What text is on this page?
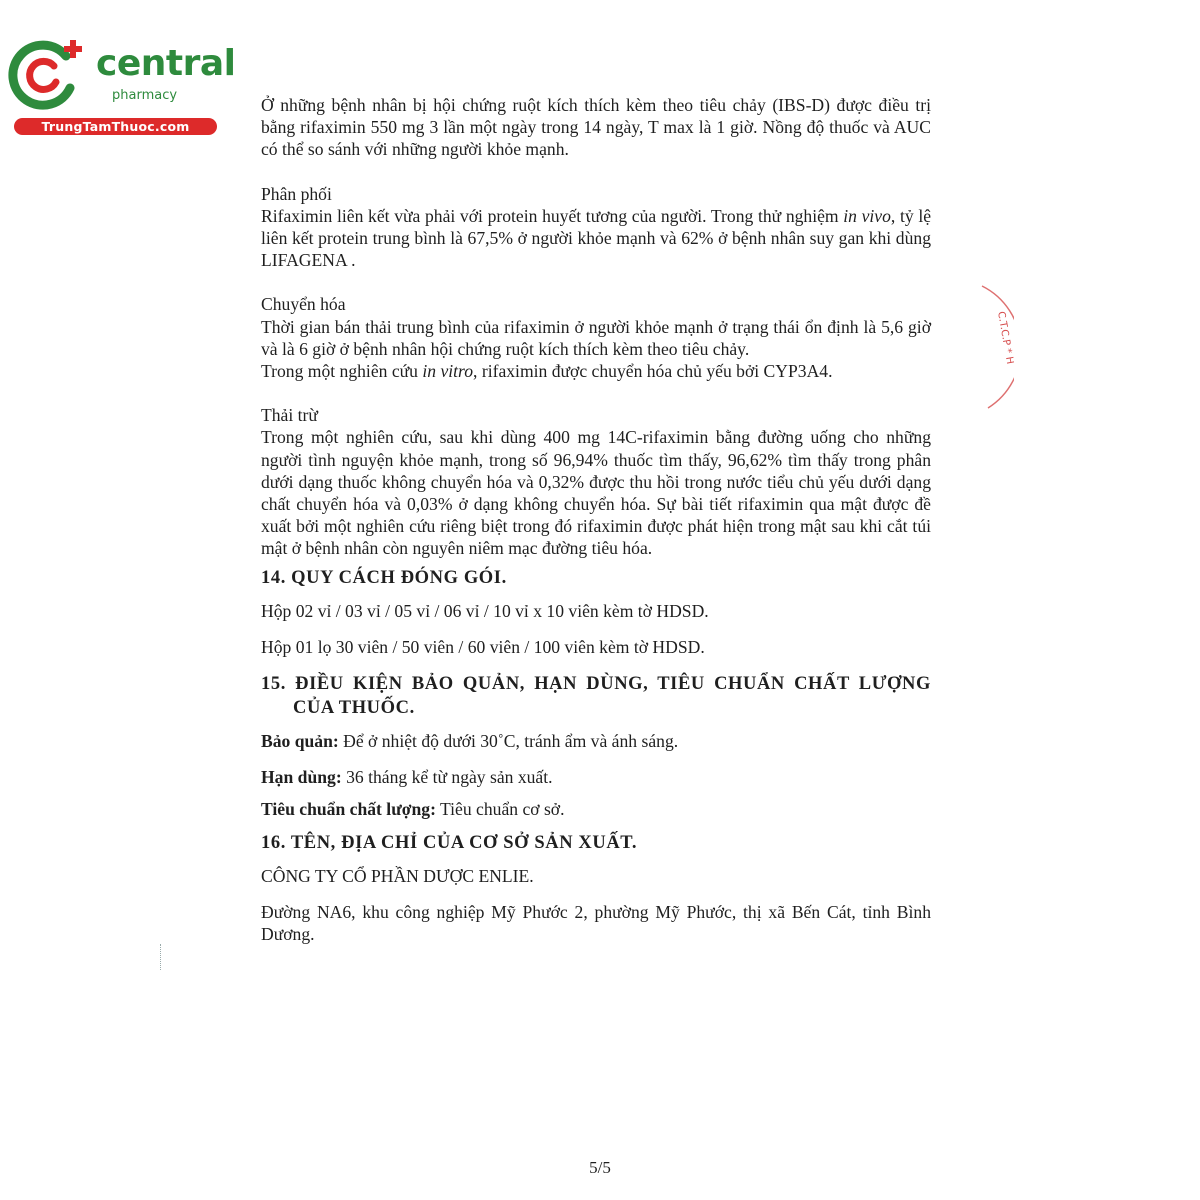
central
pharmacy
TrungTamThuoc.com
C.T.C.P * H

Ở những bệnh nhân bị hội chứng ruột kích thích kèm theo tiêu chảy (IBS-D) được điều trị bằng rifaximin 550 mg 3 lần một ngày trong 14 ngày, T max là 1 giờ. Nồng độ thuốc và AUC có thể so sánh với những người khỏe mạnh.

Phân phối

Rifaximin liên kết vừa phải với protein huyết tương của người. Trong thử nghiệm in vivo, tỷ lệ liên kết protein trung bình là 67,5% ở người khỏe mạnh và 62% ở bệnh nhân suy gan khi dùng LIFAGENA .

Chuyển hóa

Thời gian bán thải trung bình của rifaximin ở người khỏe mạnh ở trạng thái ổn định là 5,6 giờ và là 6 giờ ở bệnh nhân hội chứng ruột kích thích kèm theo tiêu chảy.

Trong một nghiên cứu in vitro, rifaximin được chuyển hóa chủ yếu bởi CYP3A4.

Thải trừ

Trong một nghiên cứu, sau khi dùng 400 mg 14C-rifaximin bằng đường uống cho những người tình nguyện khỏe mạnh, trong số 96,94% thuốc tìm thấy, 96,62% tìm thấy trong phân dưới dạng thuốc không chuyển hóa và 0,32% được thu hồi trong nước tiểu chủ yếu dưới dạng chất chuyển hóa và 0,03% ở dạng không chuyển hóa. Sự bài tiết rifaximin qua mật được đề xuất bởi một nghiên cứu riêng biệt trong đó rifaximin được phát hiện trong mật sau khi cắt túi mật ở bệnh nhân còn nguyên niêm mạc đường tiêu hóa.

14. QUY CÁCH ĐÓNG GÓI.

Hộp 02 vỉ / 03 vỉ / 05 vỉ / 06 vỉ / 10 vỉ x 10 viên kèm tờ HDSD.

Hộp 01 lọ 30 viên / 50 viên / 60 viên / 100 viên kèm tờ HDSD.

15. ĐIỀU KIỆN BẢO QUẢN, HẠN DÙNG, TIÊU CHUẨN CHẤT LƯỢNG CỦA THUỐC.

Bảo quản: Để ở nhiệt độ dưới 30˚C, tránh ẩm và ánh sáng.

Hạn dùng: 36 tháng kể từ ngày sản xuất.

Tiêu chuẩn chất lượng: Tiêu chuẩn cơ sở.

16. TÊN, ĐỊA CHỈ CỦA CƠ SỞ SẢN XUẤT.

CÔNG TY CỔ PHẦN DƯỢC ENLIE.

Đường NA6, khu công nghiệp Mỹ Phước 2, phường Mỹ Phước, thị xã Bến Cát, tỉnh Bình Dương.

5/5
